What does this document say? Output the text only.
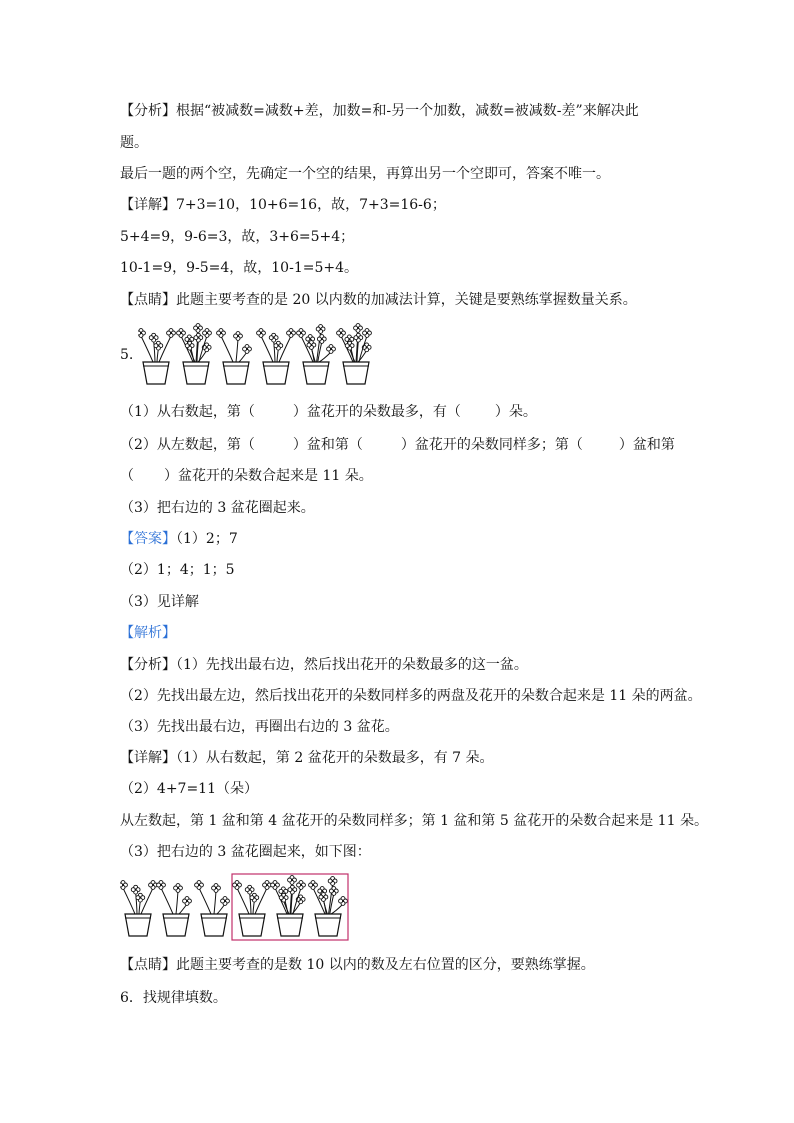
【分析】根据“被减数=减数+差，加数=和-另一个加数，减数=被减数-差”来解决此
题。
最后一题的两个空，先确定一个空的结果，再算出另一个空即可，答案不唯一。
【详解】7+3=10，10+6=16，故，7+3=16-6；
5+4=9，9-6=3，故，3+6=5+4；
10-1=9，9-5=4，故，10-1=5+4。
【点睛】此题主要考查的是 20 以内数的加减法计算，关键是要熟练掌握数量关系。
5.
（1）从右数起，第（	）盆花开的朵数最多，有（ ）朵。
（2）从左数起，第（	）盆和第（	）盆花开的朵数同样多；第（	）盆和第
（ ）盆花开的朵数合起来是 11 朵。
（3）把右边的 3 盆花圈起来。
【答案】（1）2；7
（2）1；4；1；5
（3）见详解
【解析】
【分析】（1）先找出最右边，然后找出花开的朵数最多的这一盆。
（2）先找出最左边，然后找出花开的朵数同样多的两盘及花开的朵数合起来是 11 朵的两盆。
（3）先找出最右边，再圈出右边的 3 盆花。
【详解】（1）从右数起，第 2 盆花开的朵数最多，有 7 朵。
（2）4+7=11（朵）
从左数起，第 1 盆和第 4 盆花开的朵数同样多；第 1 盆和第 5 盆花开的朵数合起来是 11 朵。
（3）把右边的 3 盆花圈起来，如下图：
【点睛】此题主要考查的是数 10 以内的数及左右位置的区分，要熟练掌握。
6．找规律填数。
